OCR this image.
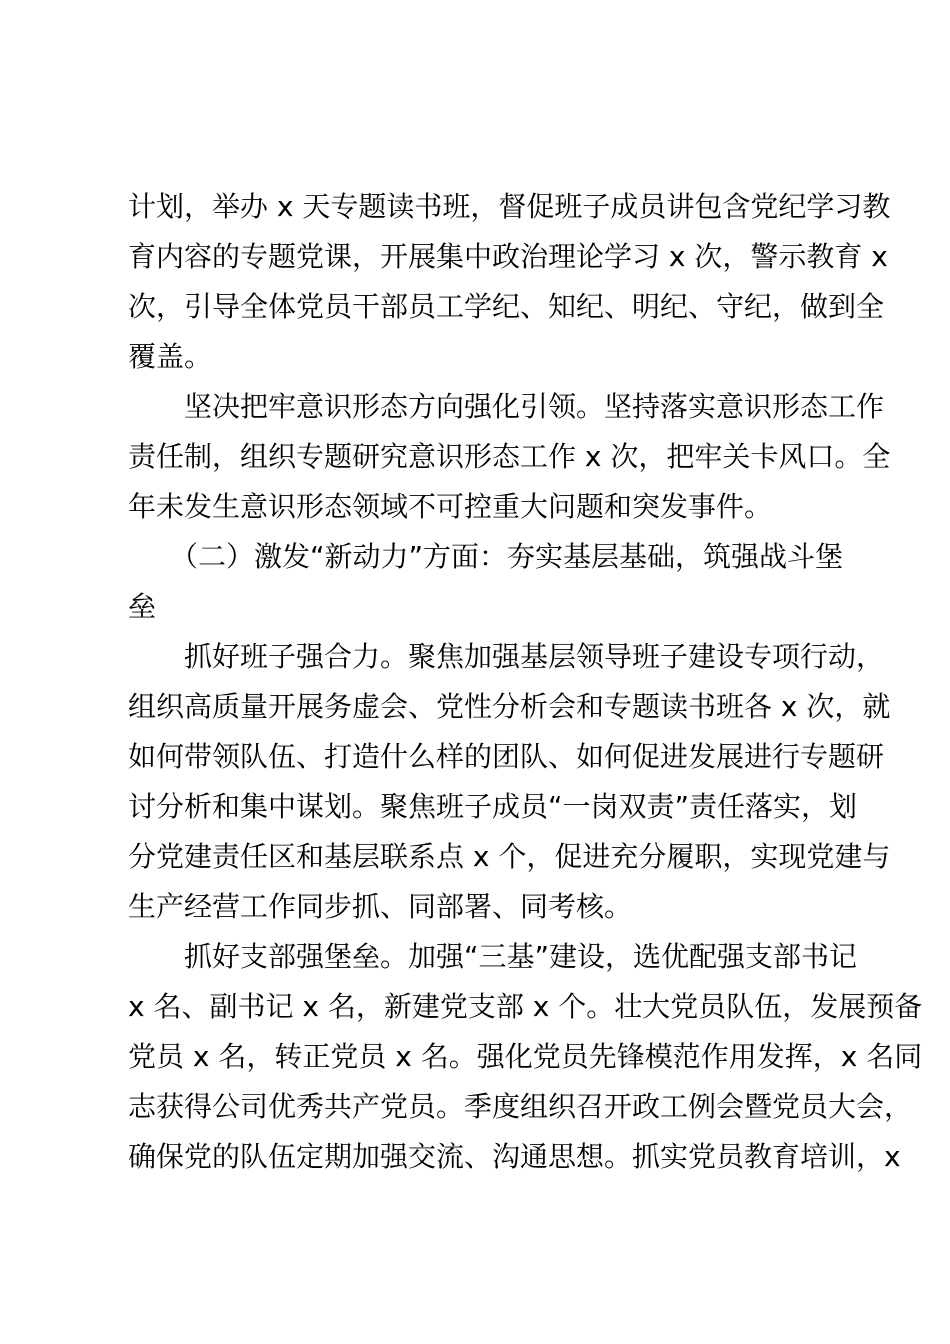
计划，举办 x 天专题读书班，督促班子成员讲包含党纪学习教
育内容的专题党课，开展集中政治理论学习 x 次，警示教育 x
次，引导全体党员干部员工学纪、知纪、明纪、守纪，做到全
覆盖。
　　坚决把牢意识形态方向强化引领。坚持落实意识形态工作
责任制，组织专题研究意识形态工作 x 次，把牢关卡风口。全
年未发生意识形态领域不可控重大问题和突发事件。
　　（二）激发“新动力”方面：夯实基层基础，筑强战斗堡
垒
　　抓好班子强合力。聚焦加强基层领导班子建设专项行动，
组织高质量开展务虚会、党性分析会和专题读书班各 x 次，就
如何带领队伍、打造什么样的团队、如何促进发展进行专题研
讨分析和集中谋划。聚焦班子成员“一岗双责”责任落实，划
分党建责任区和基层联系点 x 个，促进充分履职，实现党建与
生产经营工作同步抓、同部署、同考核。
　　抓好支部强堡垒。加强“三基”建设，选优配强支部书记
x 名、副书记 x 名，新建党支部 x 个。壮大党员队伍，发展预备
党员 x 名，转正党员 x 名。强化党员先锋模范作用发挥，x 名同
志获得公司优秀共产党员。季度组织召开政工例会暨党员大会，
确保党的队伍定期加强交流、沟通思想。抓实党员教育培训，x
